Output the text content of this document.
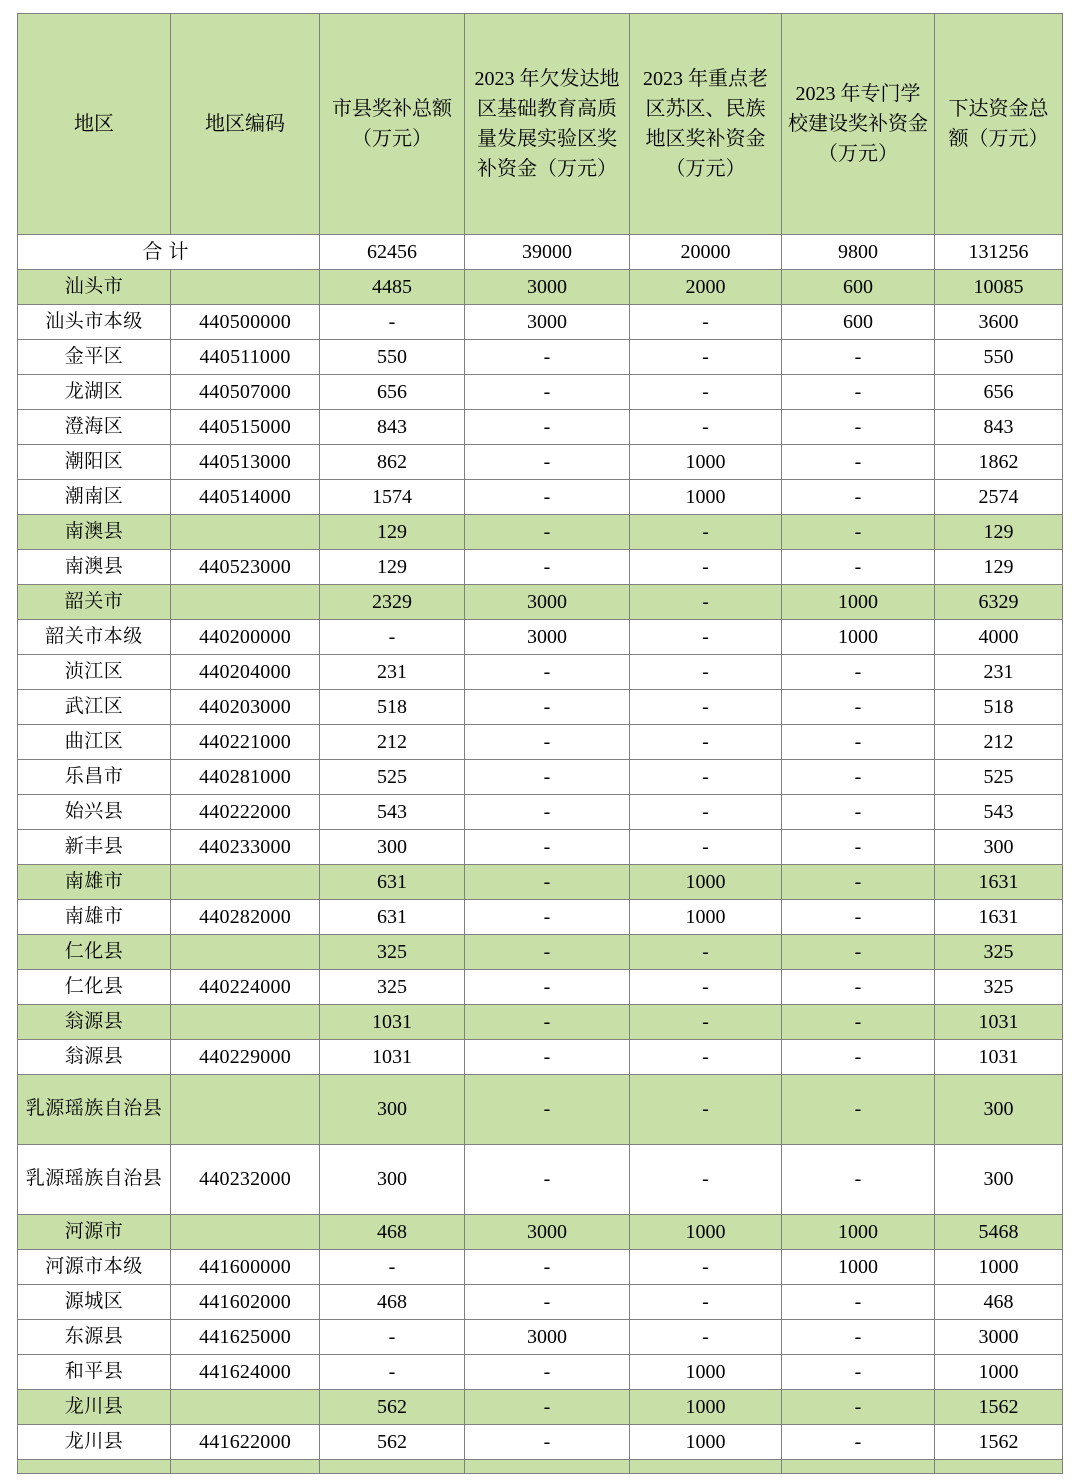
地区	地区编码	市县奖补总额（万元）	2023 年欠发达地区基础教育高质量发展实验区奖补资金（万元）	2023 年重点老区苏区、民族地区奖补资金（万元）	2023 年专门学校建设奖补资金（万元）	下达资金总额（万元）
合计		62456	39000	20000	9800	131256
汕头市		4485	3000	2000	600	10085
汕头市本级	440500000	-	3000	-	600	3600
金平区	440511000	550	-	-	-	550
龙湖区	440507000	656	-	-	-	656
澄海区	440515000	843	-	-	-	843
潮阳区	440513000	862	-	1000	-	1862
潮南区	440514000	1574	-	1000	-	2574
南澳县		129	-	-	-	129
南澳县	440523000	129	-	-	-	129
韶关市		2329	3000	-	1000	6329
韶关市本级	440200000	-	3000	-	1000	4000
浈江区	440204000	231	-	-	-	231
武江区	440203000	518	-	-	-	518
曲江区	440221000	212	-	-	-	212
乐昌市	440281000	525	-	-	-	525
始兴县	440222000	543	-	-	-	543
新丰县	440233000	300	-	-	-	300
南雄市		631	-	1000	-	1631
南雄市	440282000	631	-	1000	-	1631
仁化县		325	-	-	-	325
仁化县	440224000	325	-	-	-	325
翁源县		1031	-	-	-	1031
翁源县	440229000	1031	-	-	-	1031
乳源瑶族自治县		300	-	-	-	300
乳源瑶族自治县	440232000	300	-	-	-	300
河源市		468	3000	1000	1000	5468
河源市本级	441600000	-	-	-	1000	1000
源城区	441602000	468	-	-	-	468
东源县	441625000	-	3000	-	-	3000
和平县	441624000	-	-	1000	-	1000
龙川县		562	-	1000	-	1562
龙川县	441622000	562	-	1000	-	1562
